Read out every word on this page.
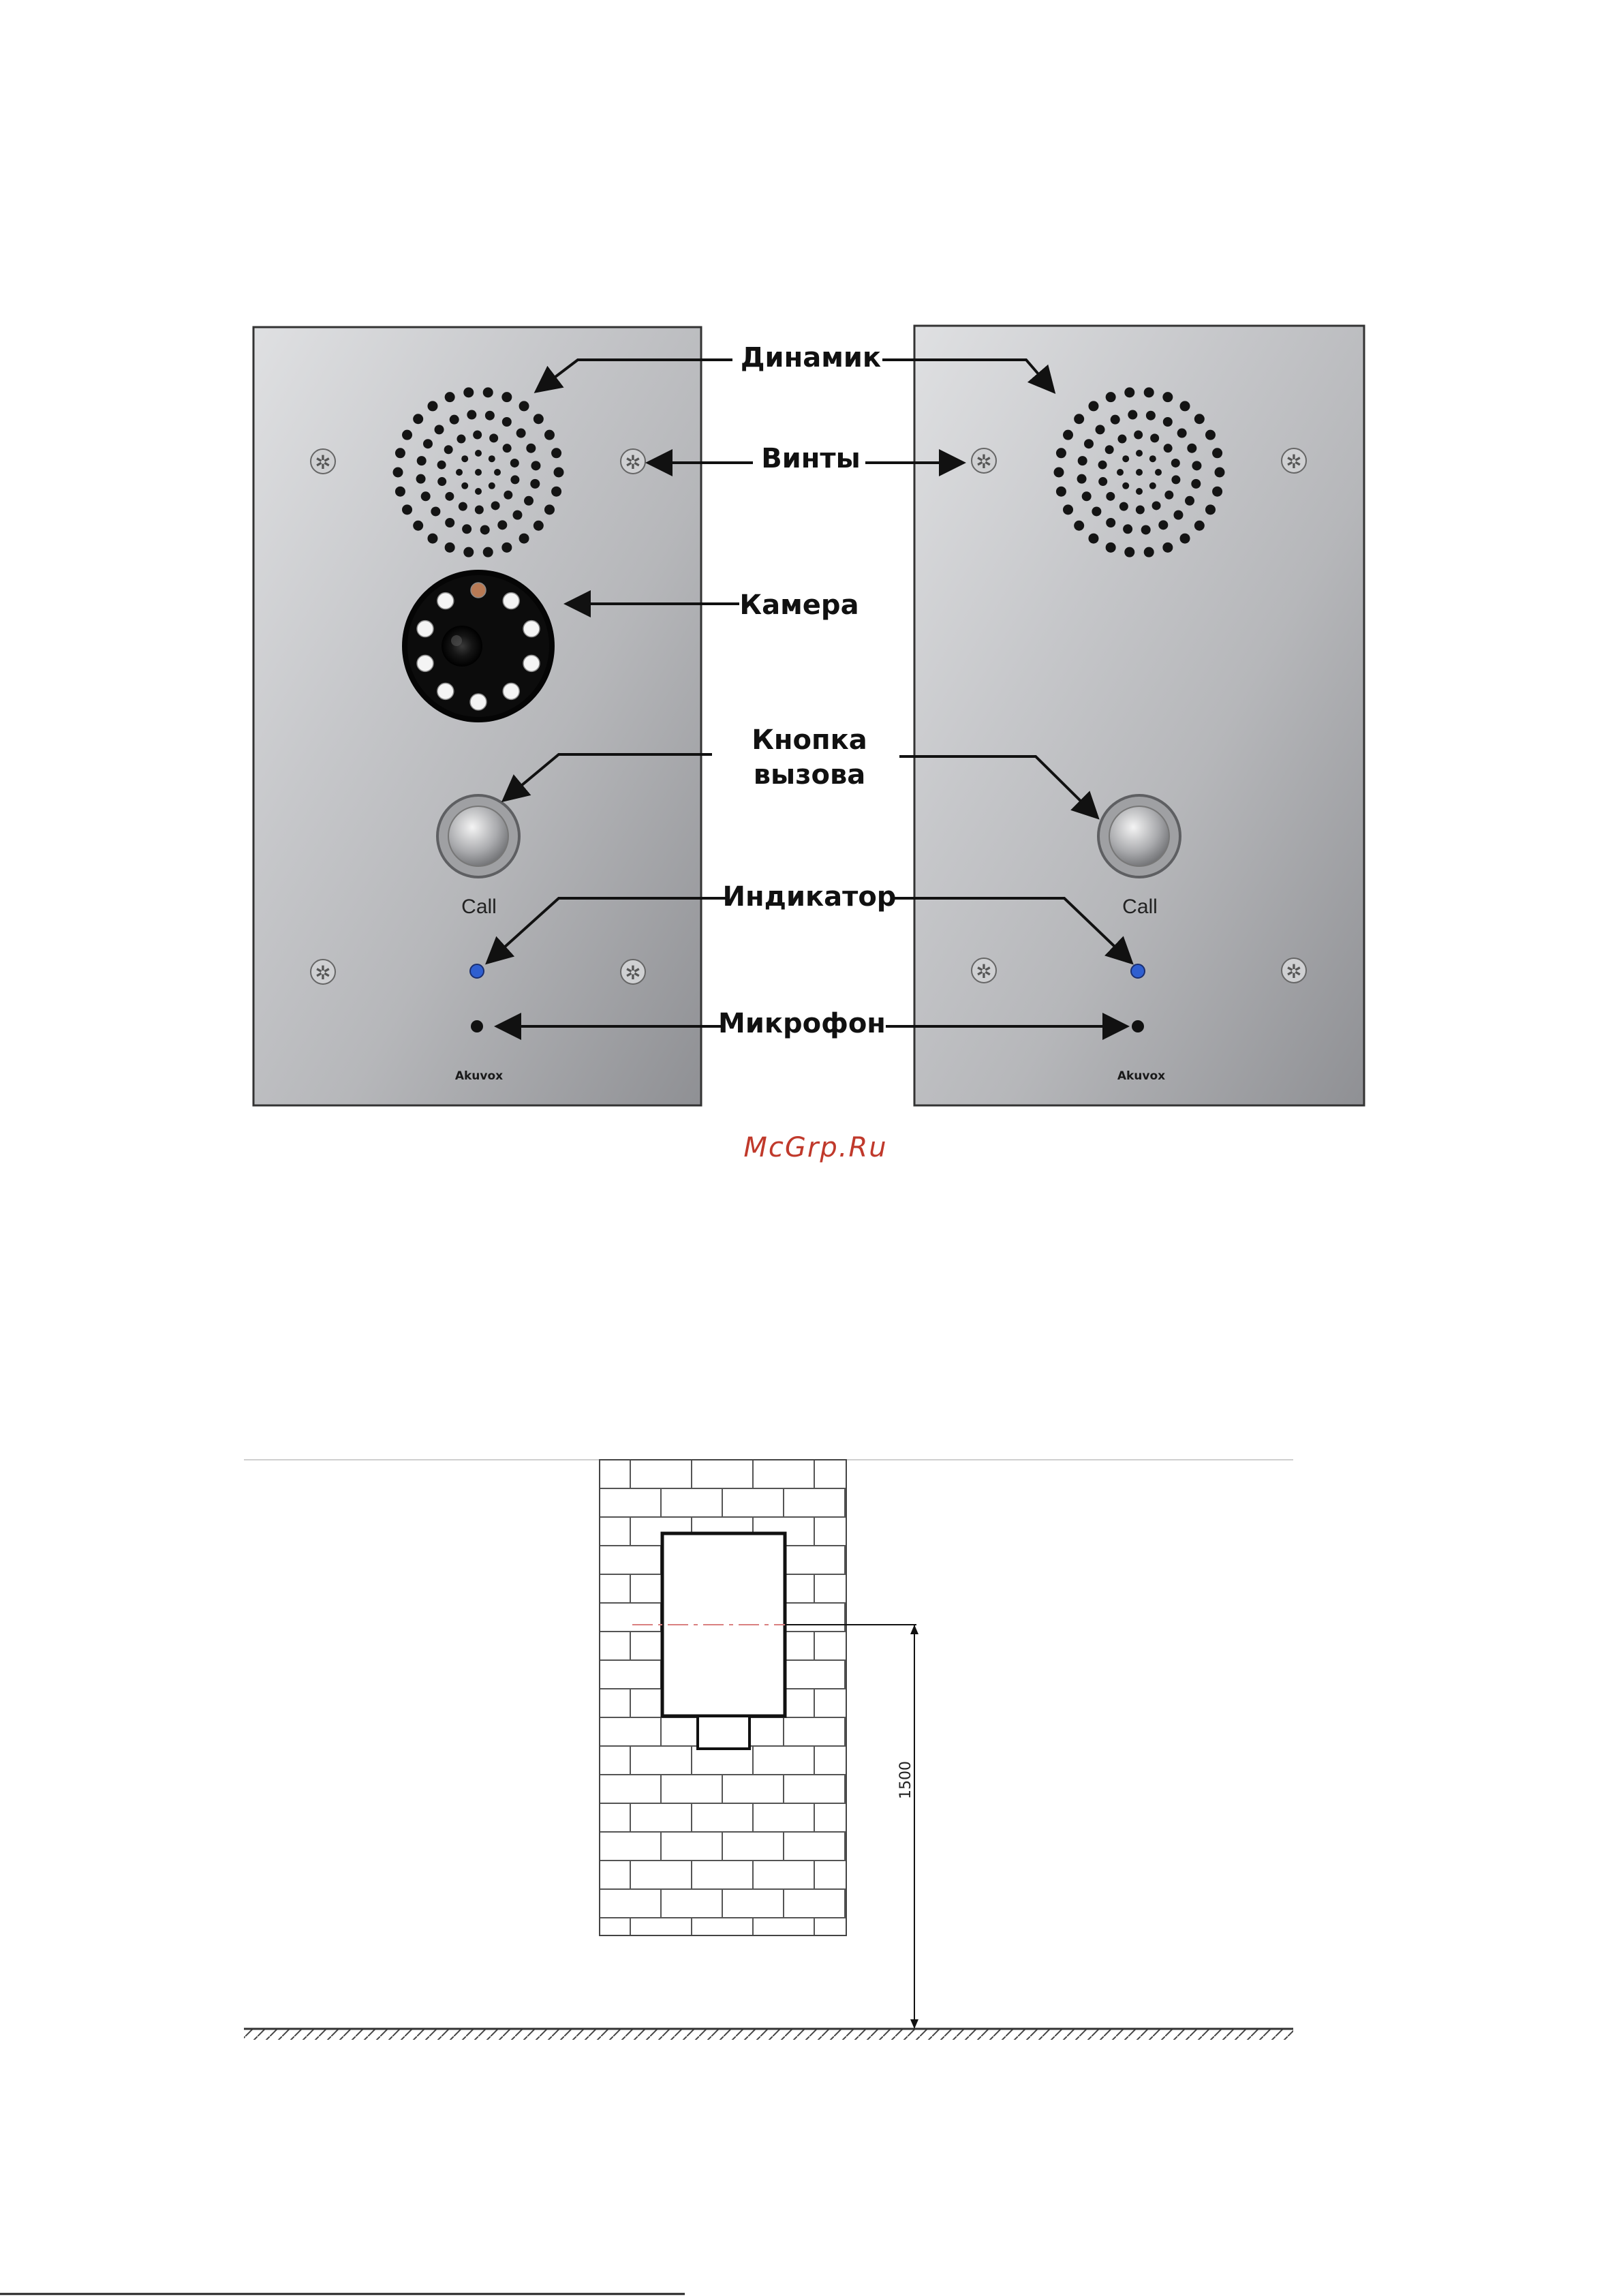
✲	✲
✲	✲
Call
Akuvox
✲	✲
✲	✲
Call
Akuvox
Динамик
Винты
Камера
Кнопка
вызова
Индикатор
Микрофон
McGrp.Ru
1500
